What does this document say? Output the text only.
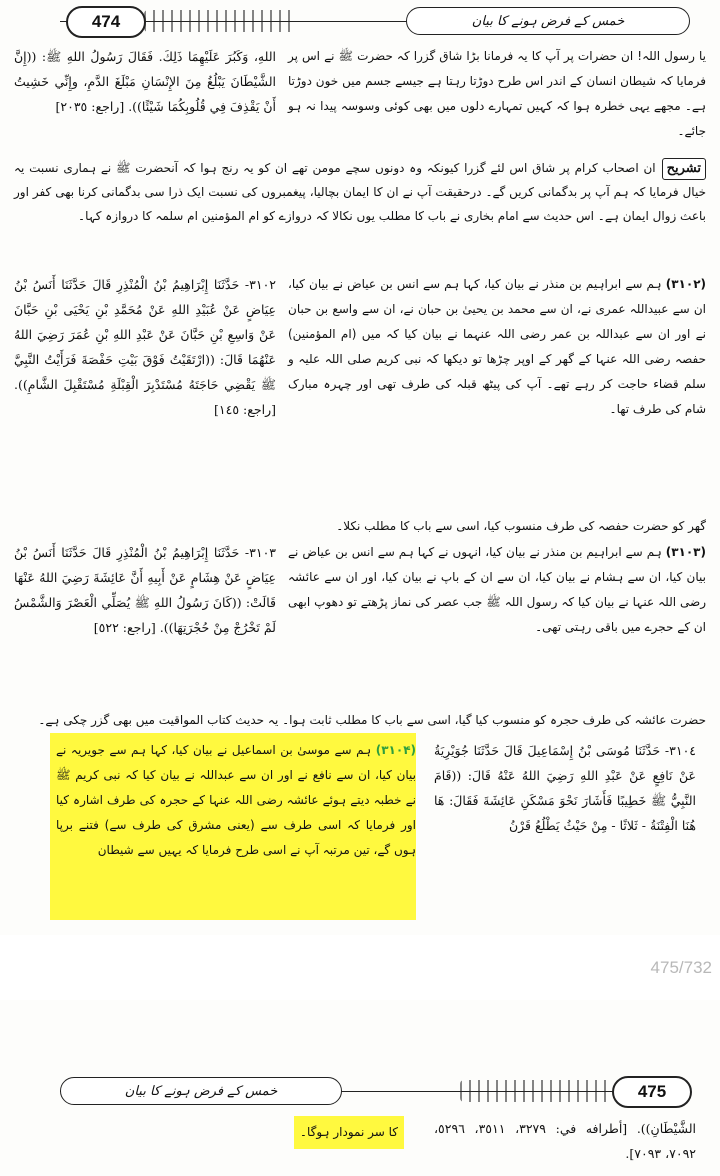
474	خمس کے فرض ہونے کا بیان
یا رسول اللہ! ان حضرات پر آپ کا یہ فرمانا بڑا شاق گزرا کہ حضرت ﷺ نے اس پر فرمایا کہ شیطان انسان کے اندر اس طرح دوڑتا رہتا ہے جیسے جسم میں خون دوڑتا ہے۔ مجھے یہی خطرہ ہوا کہ کہیں تمہارے دلوں میں بھی کوئی وسوسہ پیدا نہ ہو جائے۔
اللهِ، وَكَبُرَ عَلَيْهِمَا ذَلِكَ. فَقَالَ رَسُولُ اللهِ ﷺ: ((إِنَّ الشَّيْطَانَ يَبْلُغُ مِنَ الإِنْسَانِ مَبْلَغَ الدَّمِ، وإِنِّي خَشِيتُ أَنْ يَقْذِفَ فِي قُلُوبِكُمَا شَيْئًا)). [راجع: ٢٠٣٥]
تشریحان اصحاب کرام پر شاق اس لئے گزرا کیونکہ وہ دونوں سچے مومن تھے ان کو یہ رنج ہوا کہ آنحضرت ﷺ نے ہماری نسبت یہ خیال فرمایا کہ ہم آپ پر بدگمانی کریں گے۔ درحقیقت آپ نے ان کا ایمان بچالیا، پیغمبروں کی نسبت ایک ذرا سی بدگمانی کرنا بھی کفر اور باعث زوال ایمان ہے۔ اس حدیث سے امام بخاری نے باب کا مطلب یوں نکالا کہ دروازے کو ام المؤمنین ام سلمہ کا دروازہ کہا۔
(۳۱۰۲) ہم سے ابراہیم بن منذر نے بیان کیا، کہا ہم سے انس بن عیاض نے بیان کیا، ان سے عبیداللہ عمری نے، ان سے محمد بن یحییٰ بن حبان نے، ان سے واسع بن حبان نے اور ان سے عبداللہ بن عمر رضی اللہ عنہما نے بیان کیا کہ میں (ام المؤمنین) حفصہ رضی اللہ عنہا کے گھر کے اوپر چڑھا تو دیکھا کہ نبی کریم صلی اللہ علیہ و سلم قضاء حاجت کر رہے تھے۔ آپ کی پیٹھ قبلہ کی طرف تھی اور چہرہ مبارک شام کی طرف تھا۔
٣١٠٢- حَدَّثَنَا إِبْرَاهِيمُ بْنُ الْمُنْذِرِ قَالَ حَدَّثَنَا أَنَسُ بْنُ عِيَاضٍ عَنْ عُبَيْدِ اللهِ عَنْ مُحَمَّدِ بْنِ يَحْيَى بْنِ حَبَّانَ عَنْ وَاسِعِ بْنِ حَبَّانَ عَنْ عَبْدِ اللهِ بْنِ عُمَرَ رَضِيَ اللهُ عَنْهُمَا قَالَ: ((ارْتَقَيْتُ فَوْقَ بَيْتِ حَفْصَةَ فَرَأَيْتُ النَّبِيَّ ﷺ يَقْضِي حَاجَتَهُ مُسْتَدْبِرَ الْقِبْلَةِ مُسْتَقْبِلَ الشَّامِ)). [راجع: ١٤٥]
گھر کو حضرت حفصہ کی طرف منسوب کیا، اسی سے باب کا مطلب نکلا۔
(۳۱۰۳) ہم سے ابراہیم بن منذر نے بیان کیا، انہوں نے کہا ہم سے انس بن عیاض نے بیان کیا، ان سے ہشام نے بیان کیا، ان سے ان کے باپ نے بیان کیا، اور ان سے عائشہ رضی اللہ عنہا نے بیان کیا کہ رسول اللہ ﷺ جب عصر کی نماز پڑھتے تو دھوپ ابھی ان کے حجرے میں باقی رہتی تھی۔
٣١٠٣- حَدَّثَنَا إِبْرَاهِيمُ بْنُ الْمُنْذِرِ قَالَ حَدَّثَنَا أَنَسُ بْنُ عِيَاضٍ عَنْ هِشَامٍ عَنْ أَبِيهِ أَنَّ عَائِشَةَ رَضِيَ اللهُ عَنْهَا قَالَتْ: ((كَانَ رَسُولُ اللهِ ﷺ يُصَلِّي الْعَصْرَ وَالشَّمْسُ لَمْ تَخْرُجْ مِنْ حُجْرَتِهَا)). [راجع: ٥٢٢]
حضرت عائشہ کی طرف حجرہ کو منسوب کیا گیا، اسی سے باب کا مطلب ثابت ہوا۔ یہ حدیث کتاب المواقیت میں بھی گزر چکی ہے۔
(۳۱۰۴) ہم سے موسیٰ بن اسماعیل نے بیان کیا، کہا ہم سے جویریہ نے بیان کیا، ان سے نافع نے اور ان سے عبداللہ نے بیان کیا کہ نبی کریم ﷺ نے خطبہ دیتے ہوئے عائشہ رضی اللہ عنہا کے حجرہ کی طرف اشارہ کیا اور فرمایا کہ اسی طرف سے (یعنی مشرق کی طرف سے) فتنے برپا ہوں گے، تین مرتبہ آپ نے اسی طرح فرمایا کہ یہیں سے شیطان
٣١٠٤- حَدَّثَنَا مُوسَى بْنُ إِسْمَاعِيلَ قَالَ حَدَّثَنَا جُوَيْرِيَةُ عَنْ نَافِعٍ عَنْ عَبْدِ اللهِ رَضِيَ اللهُ عَنْهُ قَالَ: ((قَامَ النَّبِيُّ ﷺ خَطِيبًا فَأَشَارَ نَحْوَ مَسْكَنِ عَائِشَةَ فَقَالَ: هَا هُنَا الْفِتْنَةُ - ثَلاثًا - مِنْ حَيْثُ يَطْلُعُ قَرْنُ
475/732
خمس کے فرض ہونے کا بیان	475
کا سر نمودار ہوگا۔	الشَّيْطَانِ)). [أطرافه في: ٣٢٧٩، ٣٥١١، ٥٢٩٦، ٧٠٩٢، ٧٠٩٣].
